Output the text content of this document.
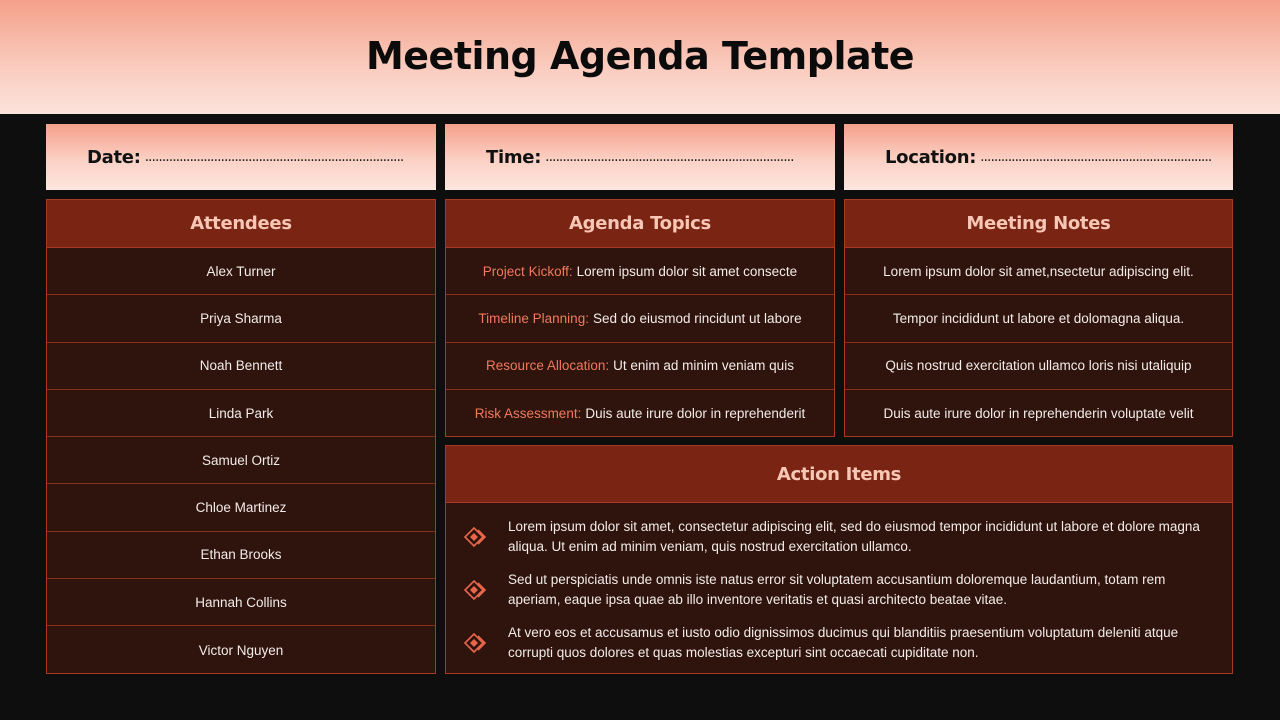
Meeting Agenda Template
Date: ...........................................................................	Time: ........................................................................	Location: ...................................................................
Attendees
Alex Turner
Priya Sharma
Noah Bennett
Linda Park
Samuel Ortiz
Chloe Martinez
Ethan Brooks
Hannah Collins
Victor Nguyen
Agenda Topics
Project Kickoff: Lorem ipsum dolor sit amet consecte
Timeline Planning: Sed do eiusmod rincidunt ut labore
Resource Allocation: Ut enim ad minim veniam quis
Risk Assessment: Duis aute irure dolor in reprehenderit
Meeting Notes
Lorem ipsum dolor sit amet,nsectetur adipiscing elit.
Tempor incididunt ut labore et dolomagna aliqua.
Quis nostrud exercitation ullamco loris nisi utaliquip
Duis aute irure dolor in reprehenderin voluptate velit
Action Items
Lorem ipsum dolor sit amet, consectetur adipiscing elit, sed do eiusmod tempor incididunt ut labore et dolore magna aliqua. Ut enim ad minim veniam, quis nostrud exercitation ullamco.
Sed ut perspiciatis unde omnis iste natus error sit voluptatem accusantium doloremque laudantium, totam rem aperiam, eaque ipsa quae ab illo inventore veritatis et quasi architecto beatae vitae.
At vero eos et accusamus et iusto odio dignissimos ducimus qui blanditiis praesentium voluptatum deleniti atque corrupti quos dolores et quas molestias excepturi sint occaecati cupiditate non.
